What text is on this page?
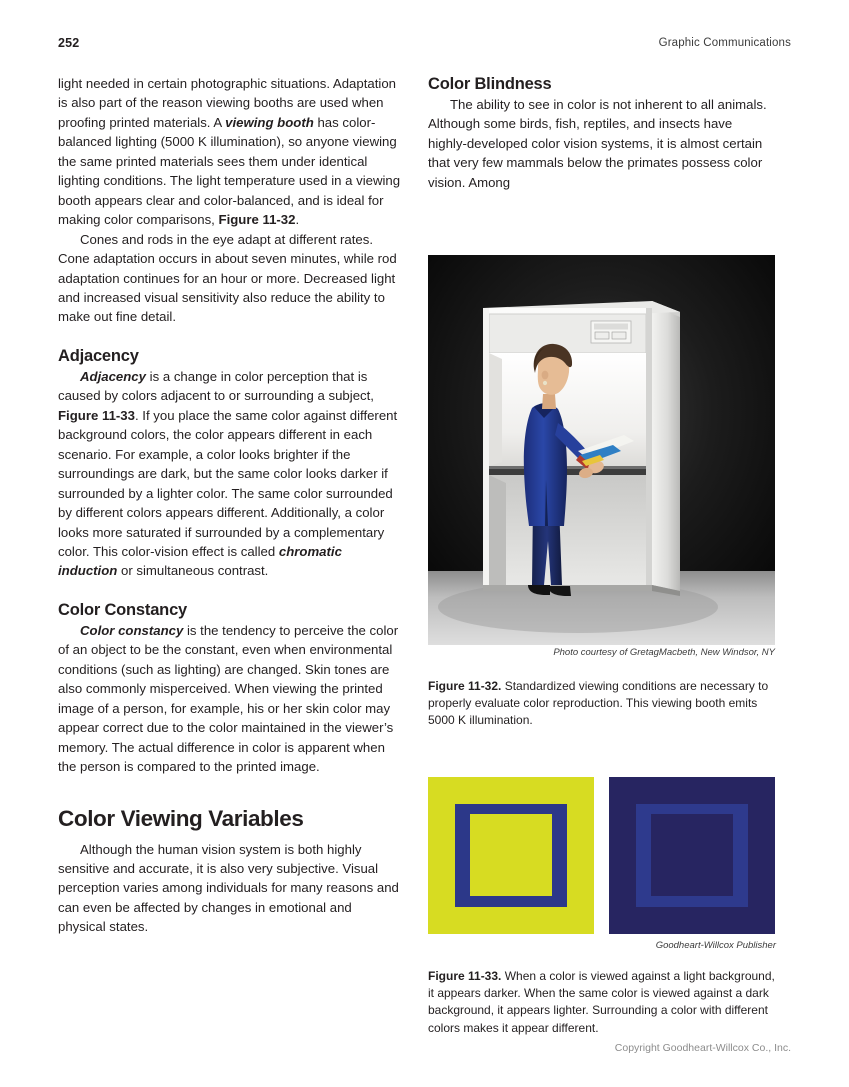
252	Graphic Communications

light needed in certain photographic situations. Adaptation is also part of the reason viewing booths are used when proofing printed materials. A viewing booth has color-balanced lighting (5000 K illumination), so anyone viewing the same printed materials sees them under identical lighting conditions. The light temperature used in a viewing booth appears clear and color-balanced, and is ideal for making color comparisons, Figure 11-32.

Cones and rods in the eye adapt at different rates. Cone adaptation occurs in about seven minutes, while rod adaptation continues for an hour or more. Decreased light and increased visual sensitivity also reduce the ability to make out fine detail.

Adjacency

Adjacency is a change in color perception that is caused by colors adjacent to or surrounding a subject, Figure 11-33. If you place the same color against different background colors, the color appears different in each scenario. For example, a color looks brighter if the surroundings are dark, but the same color looks darker if surrounded by a lighter color. The same color surrounded by different colors appears different. Additionally, a color looks more saturated if surrounded by a complementary color. This color-vision effect is called chromatic induction or simultaneous contrast.

Color Constancy

Color constancy is the tendency to perceive the color of an object to be the constant, even when environmental conditions (such as lighting) are changed. Skin tones are also commonly misperceived. When viewing the printed image of a person, for example, his or her skin color may appear correct due to the color maintained in the viewer’s memory. The actual difference in color is apparent when the person is compared to the printed image.

Color Viewing Variables

Although the human vision system is both highly sensitive and accurate, it is also very subjective. Visual perception varies among individuals for many reasons and can even be affected by changes in emotional and physical states.

Color Blindness

The ability to see in color is not inherent to all animals. Although some birds, fish, reptiles, and insects have highly-developed color vision systems, it is almost certain that very few mammals below the primates possess color vision. Among

Photo courtesy of GretagMacbeth, New Windsor, NY

Figure 11-32. Standardized viewing conditions are necessary to properly evaluate color reproduction. This viewing booth emits 5000 K illumination.

Goodheart-Willcox Publisher

Figure 11-33. When a color is viewed against a light background, it appears darker. When the same color is viewed against a dark background, it appears lighter. Surrounding a color with different colors makes it appear different.

Copyright Goodheart-Willcox Co., Inc.
